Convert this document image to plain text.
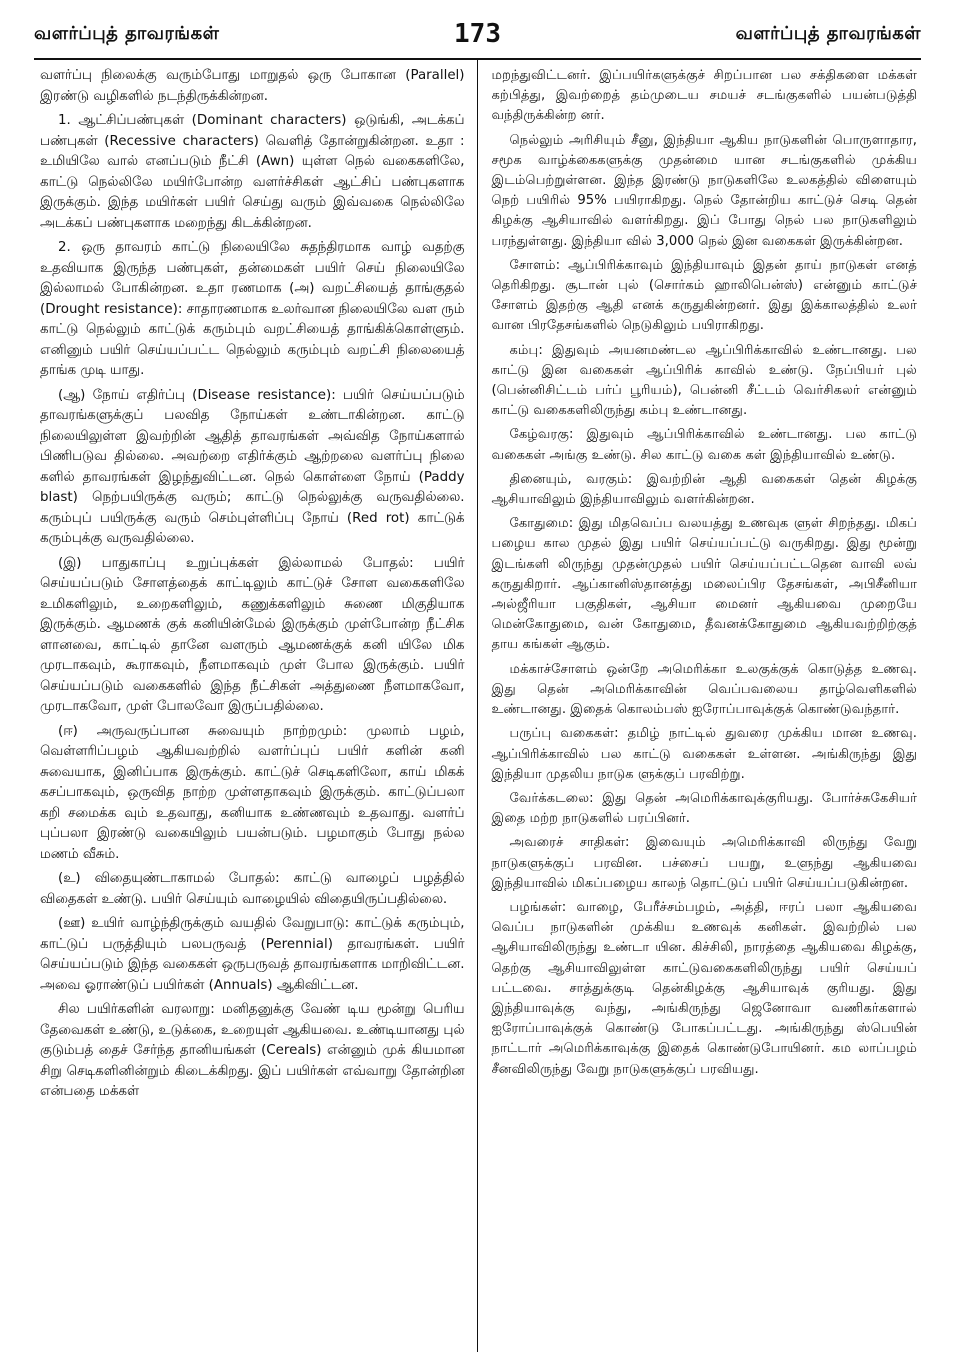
வளர்ப்புத் தாவரங்கள்	173	வளர்ப்புத் தாவரங்கள்

வளர்ப்பு நிலைக்கு வரும்போது மாறுதல் ஒரு போகான (Parallel) இரண்டு வழிகளில் நடந்திருக்கின்றன.

1. ஆட்சிப்பண்புகள் (Dominant characters) ஒடுங்கி, அடக்கப் பண்புகள் (Recessive characters) வெளித் தோன்றுகின்றன. உதா : உமியிலே வால் எனப்படும் நீட்சி (Awn) யுள்ள நெல் வகைகளிலே, காட்டு நெல்லிலே மயிர்போன்ற வளர்ச்சிகள் ஆட்சிப் பண்புகளாக இருக்கும். இந்த மயிர்கள் பயிர் செய்து வரும் இவ்வகை நெல்லிலே அடக்கப் பண்புகளாக மறைந்து கிடக்கின்றன.

2. ஒரு தாவரம் காட்டு நிலையிலே சுதந்திரமாக வாழ் வதற்கு உதவியாக இருந்த பண்புகள், தன்மைகள் பயிர் செய் நிலையிலே இல்லாமல் போகின்றன. உதா ரணமாக (அ) வறட்சியைத் தாங்குதல் (Drought resistance): சாதாரணமாக உலர்வான நிலையிலே வள ரும் காட்டு நெல்லும் காட்டுக் கரும்பும் வறட்சியைத் தாங்கிக்கொள்ளும். எனினும் பயிர் செய்யப்பட்ட நெல்லும் கரும்பும் வறட்சி நிலையைத் தாங்க முடி யாது.

(ஆ) நோய் எதிர்ப்பு (Disease resistance): பயிர் செய்யப்படும் தாவரங்களுக்குப் பலவித நோய்கள் உண்டாகின்றன. காட்டு நிலையிலுள்ள இவற்றின் ஆதித் தாவரங்கள் அவ்வித நோய்களால் பிணிபடுவ தில்லை. அவற்றை எதிர்க்கும் ஆற்றலை வளர்ப்பு நிலை களில் தாவரங்கள் இழந்துவிட்டன. நெல் கொள்ளை நோய் (Paddy blast) நெற்பயிருக்கு வரும்; காட்டு நெல்லுக்கு வருவதில்லை. கரும்புப் பயிருக்கு வரும் செம்புள்ளிப்பு நோய் (Red rot) காட்டுக் கரும்புக்கு வருவதில்லை.

(இ) பாதுகாப்பு உறுப்புக்கள் இல்லாமல் போதல்: பயிர் செய்யப்படும் சோளத்தைக் காட்டிலும் காட்டுச் சோள வகைகளிலே உமிகளிலும், உறைகளிலும், கணுக்களிலும் சுணை மிகுதியாக இருக்கும். ஆமணக் குக் கனியின்மேல் இருக்கும் முள்போன்ற நீட்சிக ளானவை, காட்டில் தானே வளரும் ஆமணக்குக் கனி யிலே மிக முரடாகவும், கூராகவும், நீளமாகவும் முள் போல இருக்கும். பயிர் செய்யப்படும் வகைகளில் இந்த நீட்சிகள் அத்துணை நீளமாகவோ, முரடாகவோ, முள் போலவோ இருப்பதில்லை.

(ஈ) அருவருப்பான சுவையும் நாற்றமும்: முலாம் பழம், வெள்ளரிப்பழம் ஆகியவற்றில் வளர்ப்புப் பயிர் களின் கனி சுவையாக, இனிப்பாக இருக்கும். காட்டுச் செடிகளிலோ, காய் மிகக் கசப்பாகவும், ஒருவித நாற்ற முள்ளதாகவும் இருக்கும். காட்டுப்பலா கறி சமைக்க வும் உதவாது, கனியாக உண்ணவும் உதவாது. வளர்ப் புப்பலா இரண்டு வகையிலும் பயன்படும். பழமாகும் போது நல்ல மணம் வீசும்.

(உ) விதையுண்டாகாமல் போதல்: காட்டு வாழைப் பழத்தில் விதைகள் உண்டு. பயிர் செய்யும் வாழையில் விதையிருப்பதில்லை.

(ஊ) உயிர் வாழ்ந்திருக்கும் வயதில் வேறுபாடு: காட்டுக் கரும்பும், காட்டுப் பருத்தியும் பலபருவத் (Perennial) தாவரங்கள். பயிர் செய்யப்படும் இந்த வகைகள் ஒருபருவத் தாவரங்களாக மாறிவிட்டன. அவை ஓராண்டுப் பயிர்கள் (Annuals) ஆகிவிட்டன.

சில பயிர்களின் வரலாறு: மனிதனுக்கு வேண் டிய மூன்று பெரிய தேவைகள் உண்டு, உடுக்கை, உறையுள் ஆகியவை. உண்டியானது புல் குடும்பத் தைச் சேர்ந்த தானியங்கள் (Cereals) என்னும் முக் கியமான சிறு செடிகளினின்றும் கிடைக்கிறது. இப் பயிர்கள் எவ்வாறு தோன்றின என்பதை மக்கள்

மறந்துவிட்டனர். இப்பயிர்களுக்குச் சிறப்பான பல சக்திகளை மக்கள் கற்பித்து, இவற்றைத் தம்முடைய சமயச் சடங்குகளில் பயன்படுத்தி வந்திருக்கின்ற னர்.

நெல்லும் அரிசியும் சீனு, இந்தியா ஆகிய நாடுகளின் பொருளாதார, சமூக வாழ்க்கைகளுக்கு முதன்மை யான சடங்குகளில் முக்கிய இடம்பெற்றுள்ளன. இந்த இரண்டு நாடுகளிலே உலகத்தில் விளையும் நெற் பயிரில் 95% பயிராகிறது. நெல் தோன்றிய காட்டுச் செடி தென் கிழக்கு ஆசியாவில் வளர்கிறது. இப் போது நெல் பல நாடுகளிலும் பரந்துள்ளது. இந்தியா வில் 3,000 நெல் இன வகைகள் இருக்கின்றன.

சோளம்: ஆப்பிரிக்காவும் இந்தியாவும் இதன் தாய் நாடுகள் எனத் தெரிகிறது. சூடான் புல் (சொர்கம் ஹாலிபென்ஸ்) என்னும் காட்டுச் சோளம் இதற்கு ஆதி எனக் கருதுகின்றனர். இது இக்காலத்தில் உலர் வான பிரதேசங்களில் நெடுகிலும் பயிராகிறது.

கம்பு: இதுவும் அயனமண்டல ஆப்பிரிக்காவில் உண்டானது. பல காட்டு இன வகைகள் ஆப்பிரிக் காவில் உண்டு. நேப்பியர் புல் (பென்னிசிட்டம் பர்ப் பூரியம்), பென்னி சீட்டம் வெர்சிகலர் என்னும் காட்டு வகைகளிலிருந்து கம்பு உண்டானது.

கேழ்வரகு: இதுவும் ஆப்பிரிக்காவில் உண்டானது. பல காட்டு வகைகள் அங்கு உண்டு. சில காட்டு வகை கள் இந்தியாவில் உண்டு.

தினையும், வரகும்: இவற்றின் ஆதி வகைகள் தென் கிழக்கு ஆசியாவிலும் இந்தியாவிலும் வளர்கின்றன.

கோதுமை: இது மிதவெப்ப வலயத்து உணவுக ளுள் சிறந்தது. மிகப் பழைய கால முதல் இது பயிர் செய்யப்பட்டு வருகிறது. இது மூன்று இடங்களி லிருந்து முதன்முதல் பயிர் செய்யப்பட்டதென வாவி லவ் கருதுகிறார். ஆப்கானிஸ்தானத்து மலைப்பிர தேசங்கள், அபிசீனியா அல்ஜீரியா பகுதிகள், ஆசியா மைனர் ஆகியவை முறையே மென்கோதுமை, வன் கோதுமை, தீவனக்கோதுமை ஆகியவற்றிற்குத் தாய கங்கள் ஆகும்.

மக்காச்சோளம் ஒன்றே அமெரிக்கா உலகுக்குக் கொடுத்த உணவு. இது தென் அமெரிக்காவின் வெப்பவலைய தாழ்வெளிகளில் உண்டானது. இதைக் கொலம்பஸ் ஐரோப்பாவுக்குக் கொண்டுவந்தார்.

பருப்பு வகைகள்: தமிழ் நாட்டில் துவரை முக்கிய மான உணவு. ஆப்பிரிக்காவில் பல காட்டு வகைகள் உள்ளன. அங்கிருந்து இது இந்தியா முதலிய நாடுக ளுக்குப் பரவிற்று.

வேர்க்கடலை: இது தென் அமெரிக்காவுக்குரியது. போர்ச்சுகேசியர் இதை மற்ற நாடுகளில் பரப்பினர்.

அவரைச் சாதிகள்: இவையும் அமெரிக்காவி லிருந்து வேறு நாடுகளுக்குப் பரவின. பச்சைப் பயறு, உளுந்து ஆகியவை இந்தியாவில் மிகப்பழைய காலந் தொட்டுப் பயிர் செய்யப்படுகின்றன.

பழங்கள்: வாழை, பேரீச்சம்பழம், அத்தி, ஈரப் பலா ஆகியவை வெப்ப நாடுகளின் முக்கிய உணவுக் கனிகள். இவற்றில் பல ஆசியாவிலிருந்து உண்டா யின. கிச்சிலி, நாரத்தை ஆகியவை கிழக்கு, தெற்கு ஆசியாவிலுள்ள காட்டுவகைகளிலிருந்து பயிர் செய்யப் பட்டவை. சாத்துக்குடி தென்கிழக்கு ஆசியாவுக் குரியது. இது இந்தியாவுக்கு வந்து, அங்கிருந்து ஜெனோவா வணிகர்களால் ஐரோப்பாவுக்குக் கொண்டு போகப்பட்டது. அங்கிருந்து ஸ்பெயின் நாட்டார் அமெரிக்காவுக்கு இதைக் கொண்டுபோயினர். கம லாப்பழம் சீனவிலிருந்து வேறு நாடுகளுக்குப் பரவியது.
